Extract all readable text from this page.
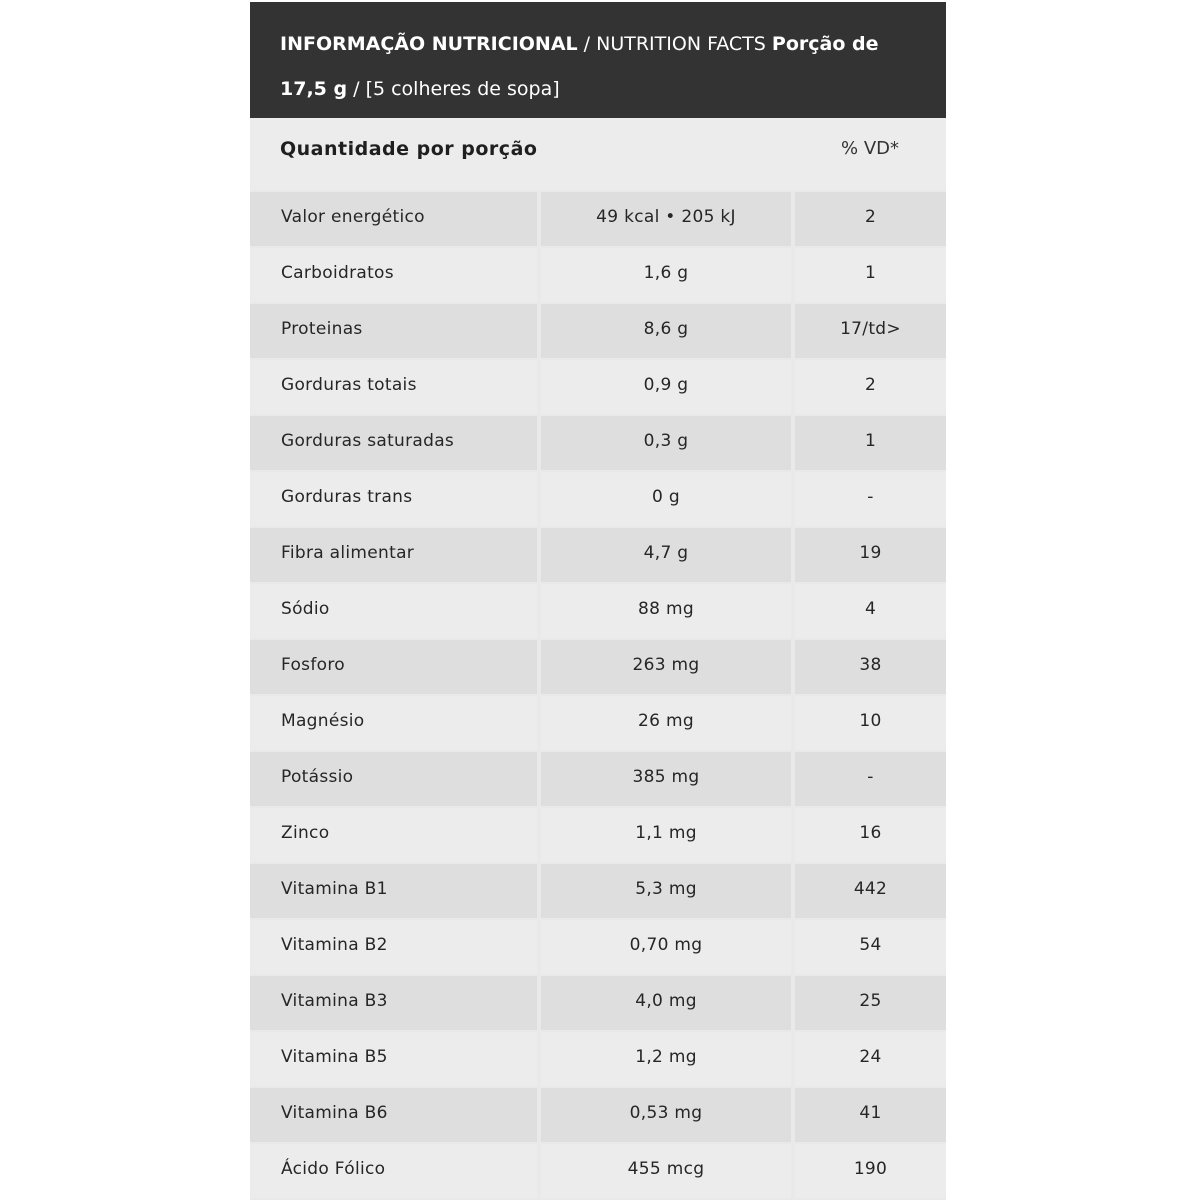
INFORMAÇÃO NUTRICIONAL / NUTRITION FACTS Porção de 17,5 g / [5 colheres de sopa]
Quantidade por porção	% VD*
Valor energético	49 kcal • 205 kJ	2
Carboidratos	1,6 g	1
Proteinas	8,6 g	17/td>
Gorduras totais	0,9 g	2
Gorduras saturadas	0,3 g	1
Gorduras trans	0 g	-
Fibra alimentar	4,7 g	19
Sódio	88 mg	4
Fosforo	263 mg	38
Magnésio	26 mg	10
Potássio	385 mg	-
Zinco	1,1 mg	16
Vitamina B1	5,3 mg	442
Vitamina B2	0,70 mg	54
Vitamina B3	4,0 mg	25
Vitamina B5	1,2 mg	24
Vitamina B6	0,53 mg	41
Ácido Fólico	455 mcg	190
